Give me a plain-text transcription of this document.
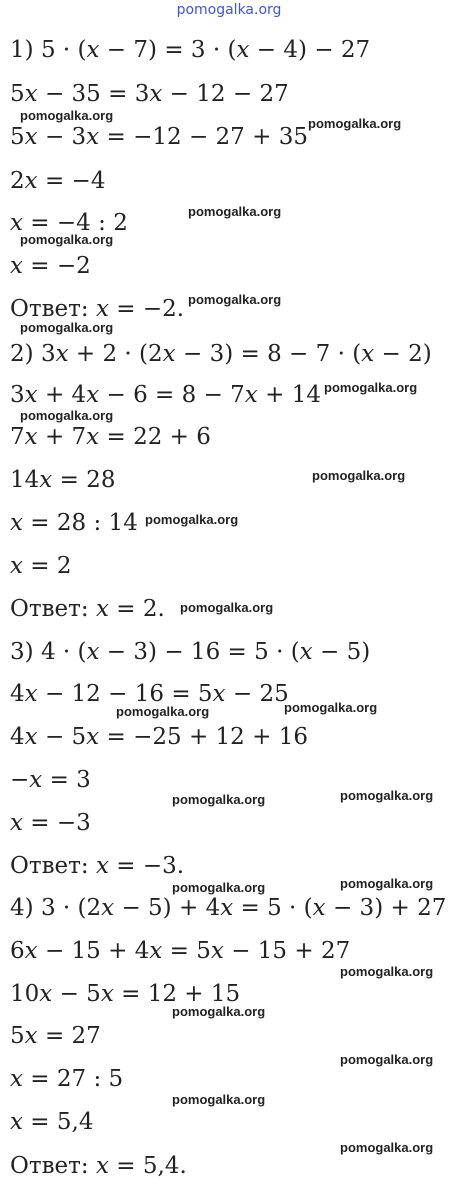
pomogalka.org
1) 5 · (x − 7) = 3 · (x − 4) − 27
5x − 35 = 3x − 12 − 27
5x − 3x = −12 − 27 + 35
2x = −4
x = −4 : 2
x = −2
Ответ: x = −2.
2) 3x + 2 · (2x − 3) = 8 − 7 · (x − 2)
3x + 4x − 6 = 8 − 7x + 14
7x + 7x = 22 + 6
14x = 28
x = 28 : 14
x = 2
Ответ: x = 2.
3) 4 · (x − 3) − 16 = 5 · (x − 5)
4x − 12 − 16 = 5x − 25
4x − 5x = −25 + 12 + 16
−x = 3
x = −3
Ответ: x = −3.
4) 3 · (2x − 5) + 4x = 5 · (x − 3) + 27
6x − 15 + 4x = 5x − 15 + 27
10x − 5x = 12 + 15
5x = 27
x = 27 : 5
x = 5,4
Ответ: x = 5,4.
pomogalka.org
pomogalka.org
pomogalka.org
pomogalka.org
pomogalka.org
pomogalka.org
pomogalka.org
pomogalka.org
pomogalka.org
pomogalka.org
pomogalka.org
pomogalka.org
pomogalka.org
pomogalka.org
pomogalka.org
pomogalka.org
pomogalka.org
pomogalka.org
pomogalka.org
pomogalka.org
pomogalka.org
pomogalka.org
